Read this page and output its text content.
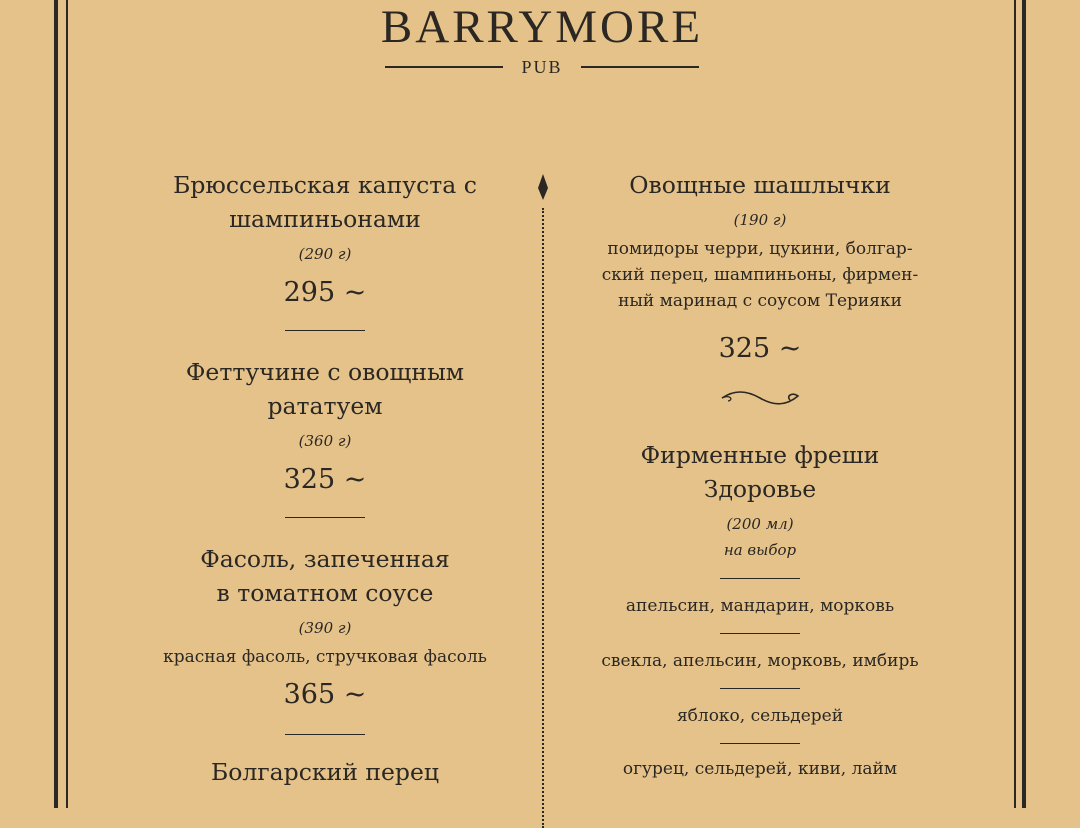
BARRYMORE
PUB

Брюссельская капуста с
шампиньонами

(290 г)

295 ~

Феттучине с овощным
рататуем

(360 г)

325 ~

Фасоль, запеченная
в томатном соусе

(390 г)

красная фасоль, стручковая фасоль

365 ~

Болгарский перец

Овощные шашлычки

(190 г)

помидоры черри, цукини, болгар-
ский перец, шампиньоны, фирмен-
ный маринад с соусом Терияки

325 ~

Фирменные фреши
Здоровье

(200 мл)

на выбор

апельсин, мандарин, морковь
свекла, апельсин, морковь, имбирь
яблоко, сельдерей
огурец, сельдерей, киви, лайм
